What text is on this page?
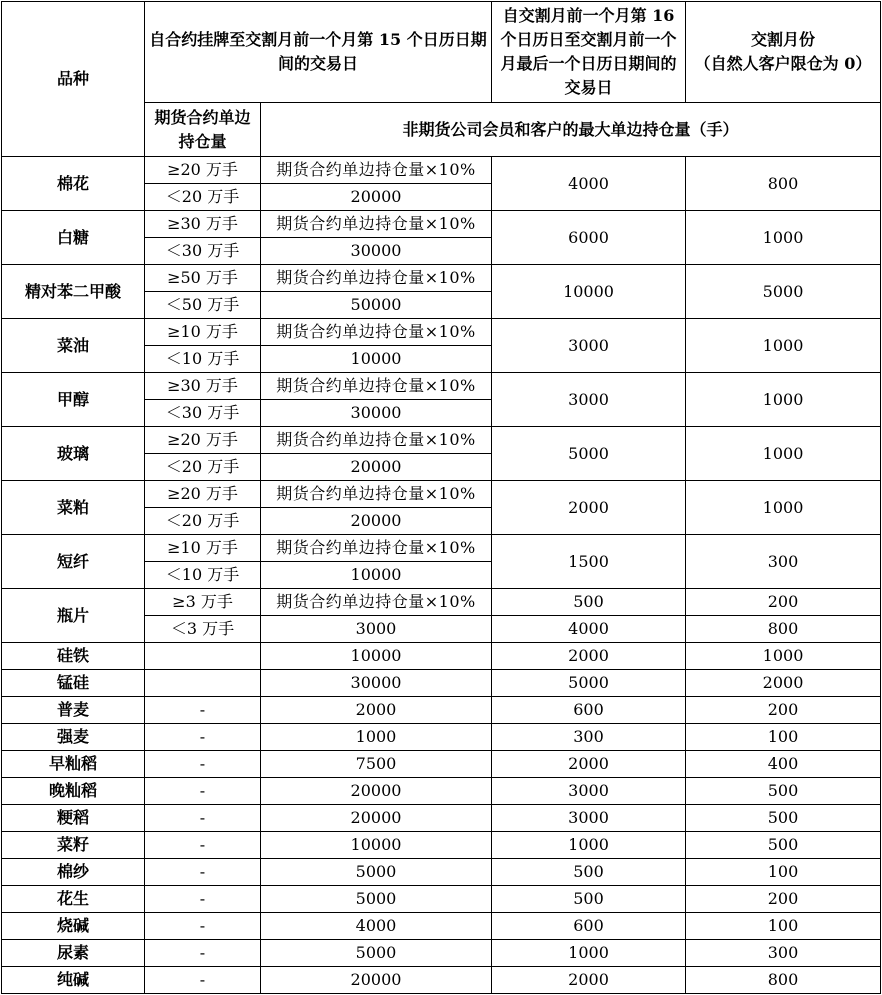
品种	自合约挂牌至交割月前一个月第 15 个日历日期间的交易日		自交割月前一个月第 16 个日历日至交割月前一个月最后一个日历日期间的交易日	交割月份
（自然人客户限仓为 0）

	期货合约单边持仓量	非期货公司会员和客户的最大单边持仓量（手）		
棉花	≥20 万手	期货合约单边持仓量×10%	4000	800
	＜20 万手	20000		
白糖	≥30 万手	期货合约单边持仓量×10%	6000	1000
	＜30 万手	30000		
精对苯二甲酸	≥50 万手	期货合约单边持仓量×10%	10000	5000
	＜50 万手	50000		
菜油	≥10 万手	期货合约单边持仓量×10%	3000	1000
	＜10 万手	10000		
甲醇	≥30 万手	期货合约单边持仓量×10%	3000	1000
	＜30 万手	30000		
玻璃	≥20 万手	期货合约单边持仓量×10%	5000	1000
	＜20 万手	20000		
菜粕	≥20 万手	期货合约单边持仓量×10%	2000	1000
	＜20 万手	20000		
短纤	≥10 万手	期货合约单边持仓量×10%	1500	300
	＜10 万手	10000		
瓶片	≥3 万手	期货合约单边持仓量×10%	500	200
	＜3 万手	3000	4000	800
硅铁		10000	2000	1000
锰硅		30000	5000	2000
普麦	-	2000	600	200
强麦	-	1000	300	100
早籼稻	-	7500	2000	400
晚籼稻	-	20000	3000	500
粳稻	-	20000	3000	500
菜籽	-	10000	1000	500
棉纱	-	5000	500	100
花生	-	5000	500	200
烧碱	-	4000	600	100
尿素	-	5000	1000	300
纯碱	-	20000	2000	800
